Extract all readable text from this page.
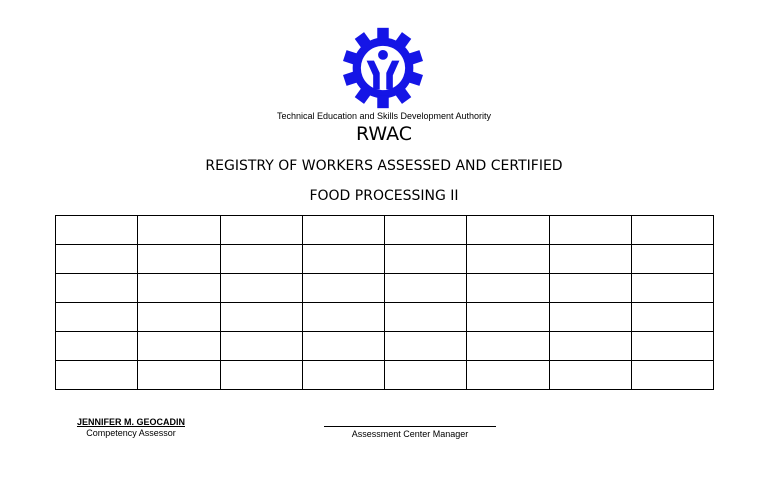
Technical Education and Skills Development Authority
RWAC
REGISTRY OF WORKERS ASSESSED AND CERTIFIED
FOOD PROCESSING II

JENNIFER M. GEOCADIN
Competency Assessor	Assessment Center Manager
